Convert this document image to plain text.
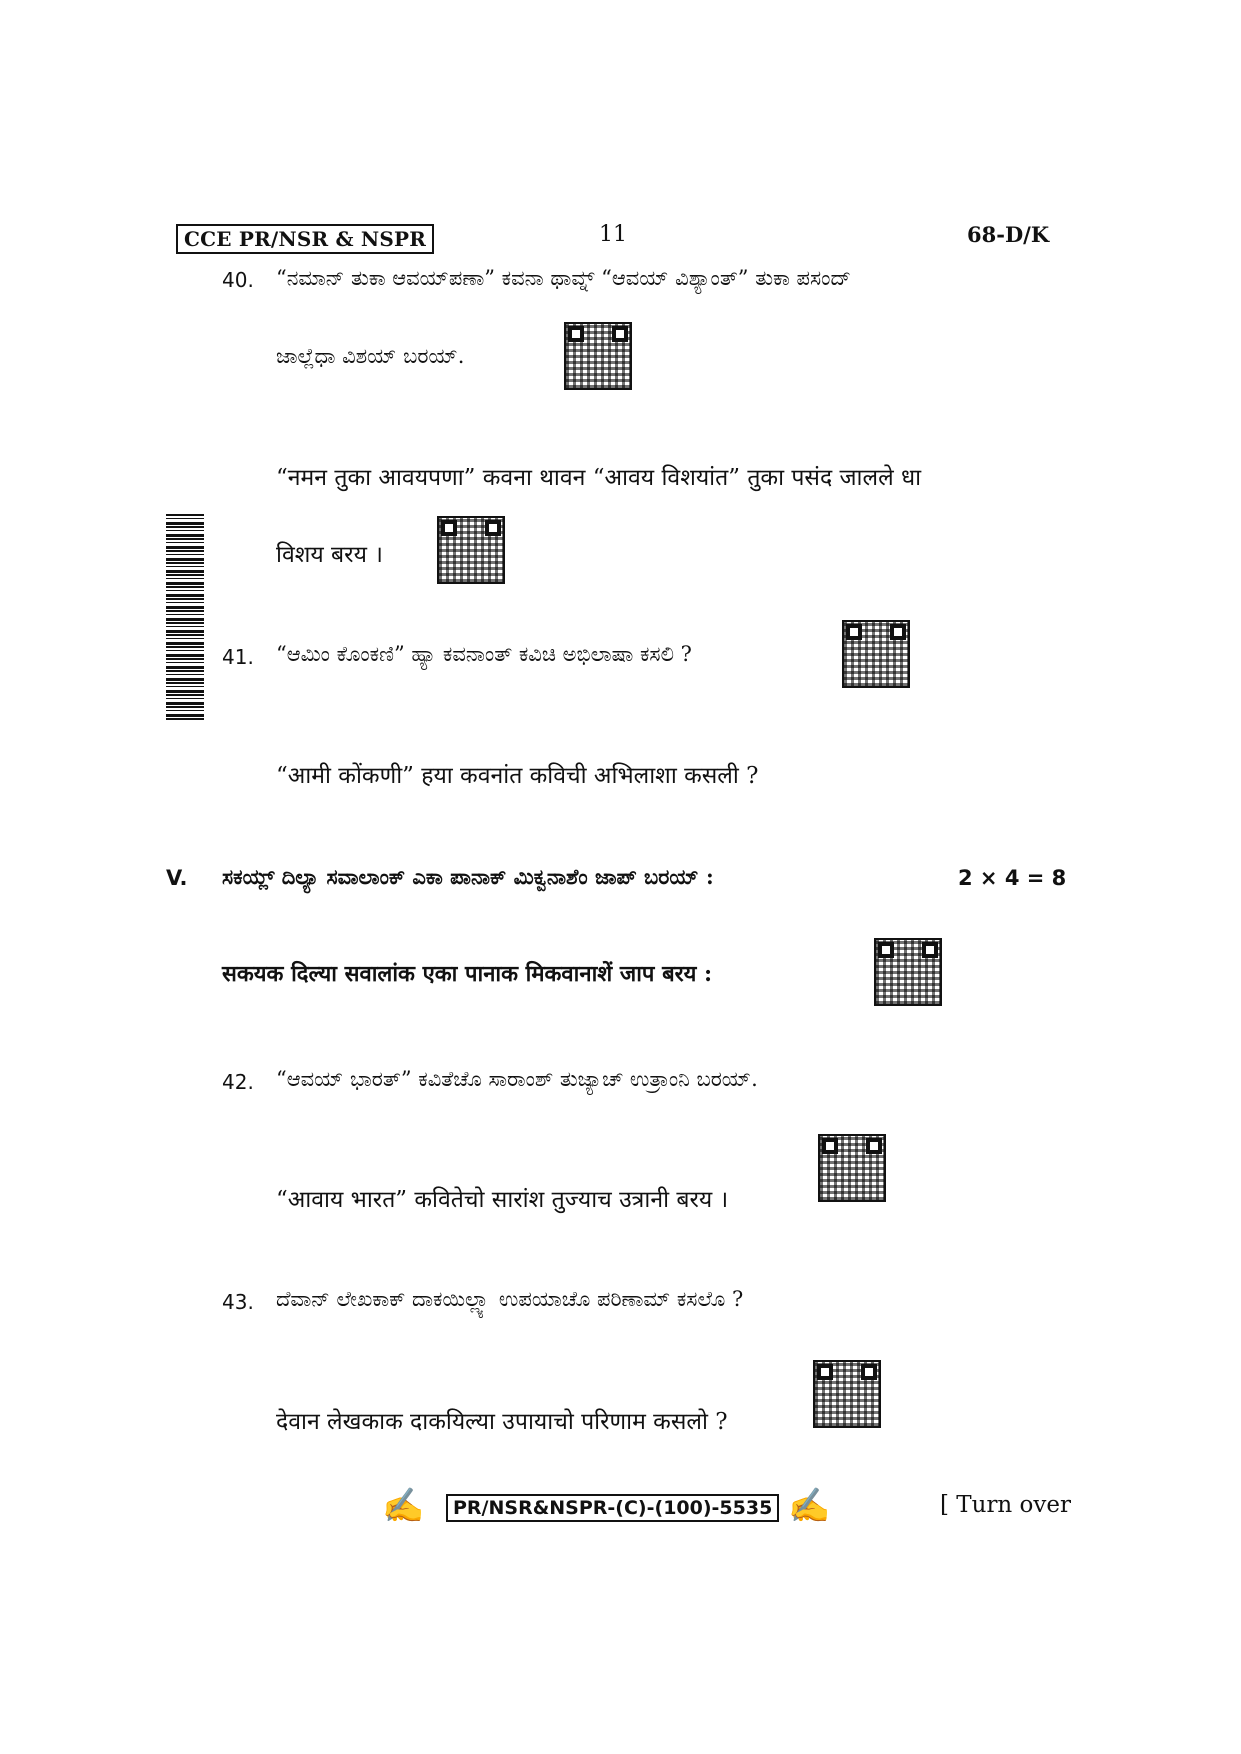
CCE PR/NSR & NSPR	11	68-D/K
40. “ನಮಾನ್ ತುಕಾ ಆವಯ್‌ಪಣಾ” ಕವನಾ ಥಾವ್ನ್ “ಆವಯ್ ವಿಶ್ಯಾಂತ್” ತುಕಾ ಪಸಂದ್
ಜಾಲ್ಲೆಧಾ ವಿಶಯ್ ಬರಯ್.
“नमन तुका आवयपणा” कवना थावन “आवय विशयांत” तुका पसंद जालले धा
विशय बरय ।
41. “ಆಮಿಂ ಕೊಂಕಣಿ” ಹ್ಯಾ ಕವನಾಂತ್ ಕವಿಚಿ ಅಭಿಲಾಷಾ ಕಸಲಿ ?
“आमी कोंकणी” हया कवनांत कविची अभिलाशा कसली ?
V. ಸಕಯ್ಲ್ ದಿಲ್ಯಾ ಸವಾಲಾಂಕ್ ಎಕಾ ಪಾನಾಕ್ ಮಿಕ್ವನಾಶೆಂ ಜಾಪ್ ಬರಯ್ :	2 × 4 = 8
सकयक दिल्या सवालांक एका पानाक मिकवानाशें जाप बरय :
42. “ಆವಯ್ ಭಾರತ್” ಕವಿತೆಚೊ ಸಾರಾಂಶ್ ತುಜ್ಯಾಚ್ ಉತ್ರಾಂನಿ ಬರಯ್.
“आवाय भारत” कवितेचो सारांश तुज्याच उत्रानी बरय ।
43. ದೆವಾನ್ ಲೇಖಕಾಕ್ ದಾಕಯಿಲ್ಲ್ಯಾ ಉಪಯಾಚೊ ಪರಿಣಾಮ್ ಕಸಲೊ ?
देवान लेखकाक दाकयिल्या उपायाचो परिणाम कसलो ?
✍	PR/NSR&NSPR-(C)-(100)-5535 ✍	[ Turn over
